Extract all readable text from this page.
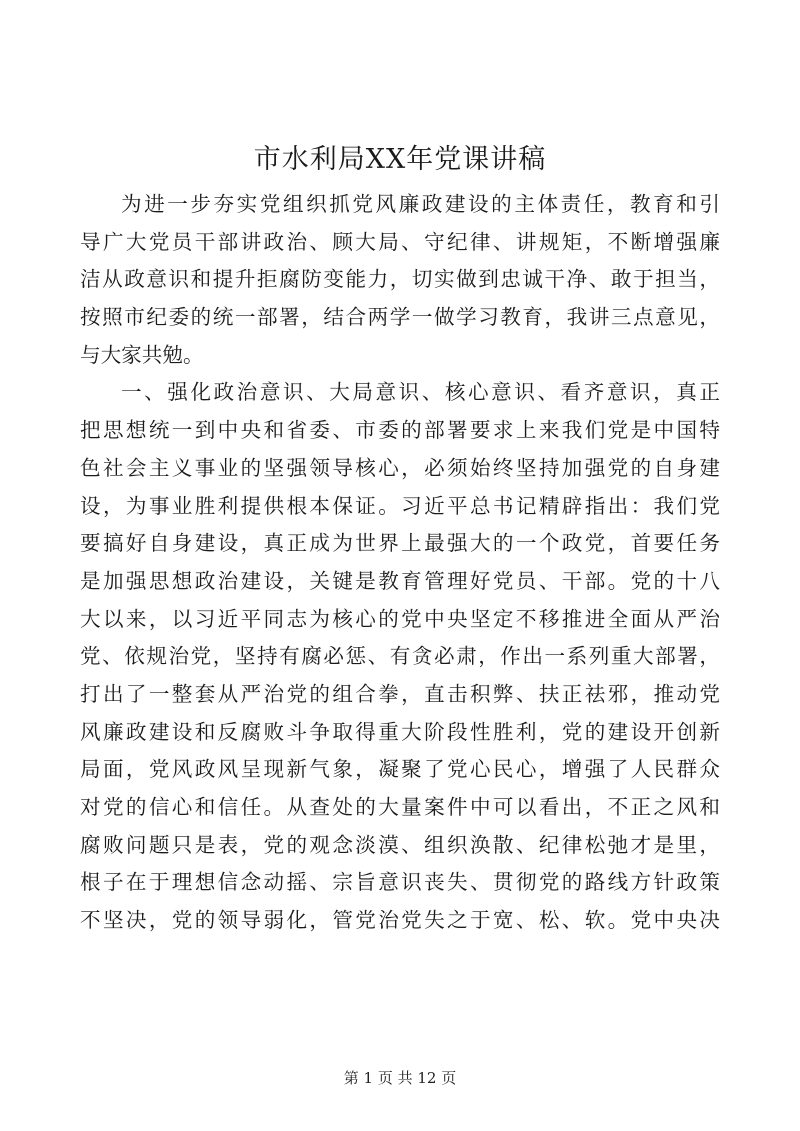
市水利局XX年党课讲稿
为进一步夯实党组织抓党风廉政建设的主体责任，教育和引
导广大党员干部讲政治、顾大局、守纪律、讲规矩，不断增强廉
洁从政意识和提升拒腐防变能力，切实做到忠诚干净、敢于担当，
按照市纪委的统一部署，结合两学一做学习教育，我讲三点意见，
与大家共勉。
一、强化政治意识、大局意识、核心意识、看齐意识，真正
把思想统一到中央和省委、市委的部署要求上来我们党是中国特
色社会主义事业的坚强领导核心，必须始终坚持加强党的自身建
设，为事业胜利提供根本保证。习近平总书记精辟指出：我们党
要搞好自身建设，真正成为世界上最强大的一个政党，首要任务
是加强思想政治建设，关键是教育管理好党员、干部。党的十八
大以来，以习近平同志为核心的党中央坚定不移推进全面从严治
党、依规治党，坚持有腐必惩、有贪必肃，作出一系列重大部署，
打出了一整套从严治党的组合拳，直击积弊、扶正祛邪，推动党
风廉政建设和反腐败斗争取得重大阶段性胜利，党的建设开创新
局面，党风政风呈现新气象，凝聚了党心民心，增强了人民群众
对党的信心和信任。从查处的大量案件中可以看出，不正之风和
腐败问题只是表，党的观念淡漠、组织涣散、纪律松弛才是里，
根子在于理想信念动摇、宗旨意识丧失、贯彻党的路线方针政策
不坚决，党的领导弱化，管党治党失之于宽、松、软。党中央决
第 1 页 共 12 页
